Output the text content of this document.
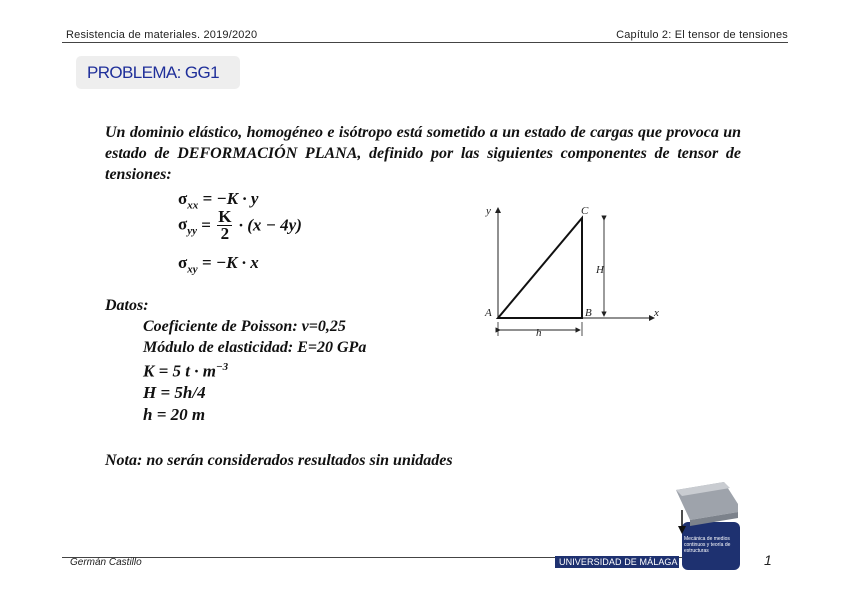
Resistencia de materiales. 2019/2020	Capítulo 2: El tensor de tensiones
PROBLEMA: GG1
Un dominio elástico, homogéneo e isótropo está sometido a un estado de cargas que provoca un estado de DEFORMACIÓN PLANA, definido por las siguientes componentes de tensor de tensiones:
$\sigma_{xx} = -K \cdot y$
$\sigma_{yy} = \frac{K}{2} \cdot (x - 4y)$
$\sigma_{xy} = -K \cdot x$
Datos:
Coeficiente de Poisson: ν=0,25
Módulo de elasticidad: E=20 GPa
K = 5 $t \cdot m^{-3}$
H = 5h/4
h = 20 m
Nota: no serán considerados resultados sin unidades
y
x
A	B
C
H
h
Germán Castillo	UNIVERSIDAD DE MÁLAGA
Mecánica de medios continuos y teoría de estructuras
1
